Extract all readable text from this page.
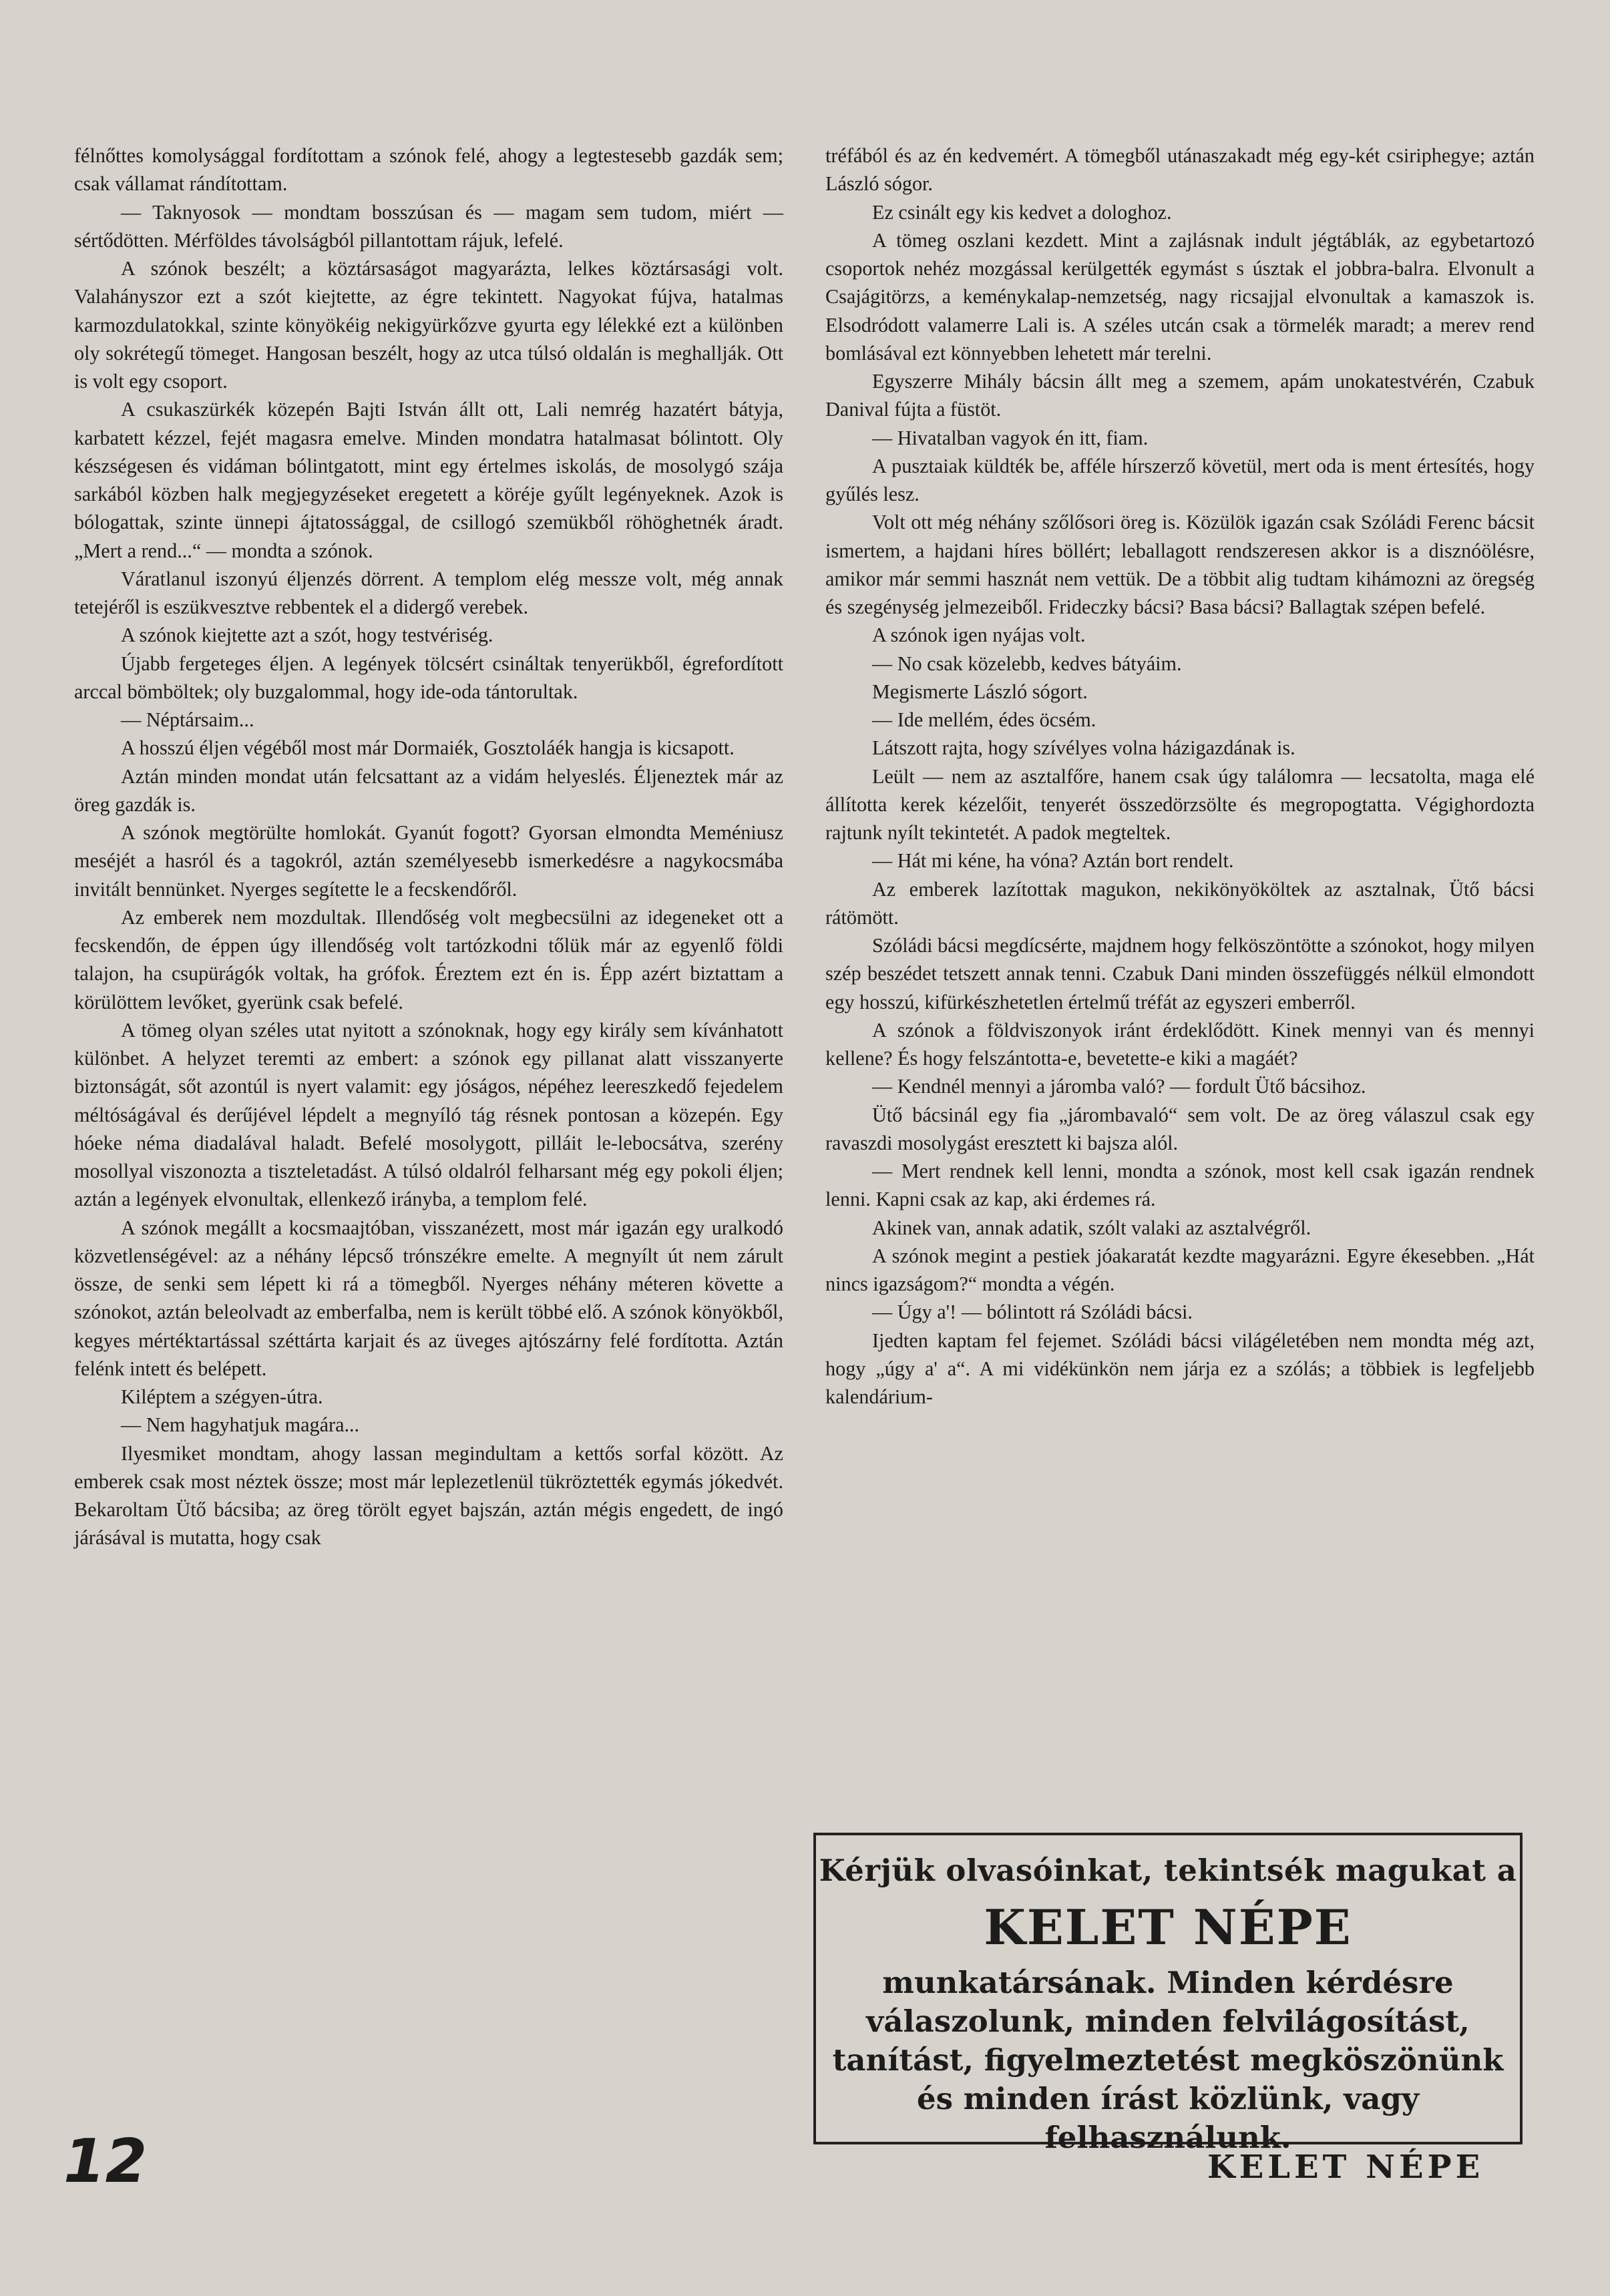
félnőttes komolysággal fordítottam a szónok felé, ahogy a legtestesebb gazdák sem; csak vállamat rándítottam.

— Taknyosok — mondtam bosszúsan és — magam sem tudom, miért — sértődötten. Mérföldes távolságból pillantottam rájuk, lefelé.

A szónok beszélt; a köztársaságot magyarázta, lelkes köztársasági volt. Valahányszor ezt a szót kiejtette, az égre tekintett. Nagyokat fújva, hatalmas karmozdulatokkal, szinte könyökéig nekigyürkőzve gyurta egy lélekké ezt a különben oly sokrétegű tömeget. Hangosan beszélt, hogy az utca túlsó oldalán is meghallják. Ott is volt egy csoport.

A csukaszürkék közepén Bajti István állt ott, Lali nemrég hazatért bátyja, karbatett kézzel, fejét magasra emelve. Minden mondatra hatalmasat bólintott. Oly készségesen és vidáman bólintgatott, mint egy értelmes iskolás, de mosolygó szája sarkából közben halk megjegyzéseket eregetett a köréje gyűlt legényeknek. Azok is bólogattak, szinte ünnepi ájtatossággal, de csillogó szemükből röhöghetnék áradt. „Mert a rend...“ — mondta a szónok.

Váratlanul iszonyú éljenzés dörrent. A templom elég messze volt, még annak tetejéről is eszükvesztve rebbentek el a didergő verebek.

A szónok kiejtette azt a szót, hogy testvériség.

Újabb fergeteges éljen. A legények tölcsért csináltak tenyerükből, égrefordított arccal bömböltek; oly buzgalommal, hogy ide-oda tántorultak.

— Néptársaim...

A hosszú éljen végéből most már Dormaiék, Gosztoláék hangja is kicsapott.

Aztán minden mondat után felcsattant az a vidám helyeslés. Éljeneztek már az öreg gazdák is.

A szónok megtörülte homlokát. Gyanút fogott? Gyorsan elmondta Meméniusz meséjét a hasról és a tagokról, aztán személyesebb ismerkedésre a nagykocsmába invitált bennünket. Nyerges segítette le a fecskendőről.

Az emberek nem mozdultak. Illendőség volt megbecsülni az idegeneket ott a fecskendőn, de éppen úgy illendőség volt tartózkodni tőlük már az egyenlő földi talajon, ha csupürágók voltak, ha grófok. Éreztem ezt én is. Épp azért biztattam a körülöttem levőket, gyerünk csak befelé.

A tömeg olyan széles utat nyitott a szónoknak, hogy egy király sem kívánhatott különbet. A helyzet teremti az embert: a szónok egy pillanat alatt visszanyerte biztonságát, sőt azontúl is nyert valamit: egy jóságos, népéhez leereszkedő fejedelem méltóságával és derűjével lépdelt a megnyíló tág résnek pontosan a közepén. Egy hóeke néma diadalával haladt. Befelé mosolygott, pilláit le-lebocsátva, szerény mosollyal viszonozta a tiszteletadást. A túlsó oldalról felharsant még egy pokoli éljen; aztán a legények elvonultak, ellenkező irányba, a templom felé.

A szónok megállt a kocsmaajtóban, visszanézett, most már igazán egy uralkodó közvetlenségével: az a néhány lépcső trónszékre emelte. A megnyílt út nem zárult össze, de senki sem lépett ki rá a tömegből. Nyerges néhány méteren követte a szónokot, aztán beleolvadt az emberfalba, nem is került többé elő. A szónok könyökből, kegyes mértéktartással széttárta karjait és az üveges ajtószárny felé fordította. Aztán felénk intett és belépett.

Kiléptem a szégyen-útra.

— Nem hagyhatjuk magára...

Ilyesmiket mondtam, ahogy lassan megindultam a kettős sorfal között. Az emberek csak most néztek össze; most már leplezetlenül tükröztették egymás jókedvét. Bekaroltam Ütő bácsiba; az öreg törölt egyet bajszán, aztán mégis engedett, de ingó járásával is mutatta, hogy csak

tréfából és az én kedvemért. A tömegből utánaszakadt még egy-két csiriphegye; aztán László sógor.

Ez csinált egy kis kedvet a dologhoz.

A tömeg oszlani kezdett. Mint a zajlásnak indult jégtáblák, az egybetartozó csoportok nehéz mozgással kerülgették egymást s úsztak el jobbra-balra. Elvonult a Csajágitörzs, a keménykalap-nemzetség, nagy ricsajjal elvonultak a kamaszok is. Elsodródott valamerre Lali is. A széles utcán csak a törmelék maradt; a merev rend bomlásával ezt könnyebben lehetett már terelni.

Egyszerre Mihály bácsin állt meg a szemem, apám unokatestvérén, Czabuk Danival fújta a füstöt.

— Hivatalban vagyok én itt, fiam.

A pusztaiak küldték be, afféle hírszerző követül, mert oda is ment értesítés, hogy gyűlés lesz.

Volt ott még néhány szőlősori öreg is. Közülök igazán csak Szóládi Ferenc bácsit ismertem, a hajdani híres böllért; leballagott rendszeresen akkor is a disznóölésre, amikor már semmi hasznát nem vettük. De a többit alig tudtam kihámozni az öregség és szegénység jelmezeiből. Frideczky bácsi? Basa bácsi? Ballagtak szépen befelé.

A szónok igen nyájas volt.

— No csak közelebb, kedves bátyáim.

Megismerte László sógort.

— Ide mellém, édes öcsém.

Látszott rajta, hogy szívélyes volna házigazdának is.

Leült — nem az asztalfőre, hanem csak úgy találomra — lecsatolta, maga elé állította kerek kézelőit, tenyerét összedörzsölte és megropogtatta. Végighordozta rajtunk nyílt tekintetét. A padok megteltek.

— Hát mi kéne, ha vóna? Aztán bort rendelt.

Az emberek lazítottak magukon, nekikönyököltek az asztalnak, Ütő bácsi rátömött.

Szóládi bácsi megdícsérte, majdnem hogy felköszöntötte a szónokot, hogy milyen szép beszédet tetszett annak tenni. Czabuk Dani minden összefüggés nélkül elmondott egy hosszú, kifürkészhetetlen értelmű tréfát az egyszeri emberről.

A szónok a földviszonyok iránt érdeklődött. Kinek mennyi van és mennyi kellene? És hogy felszántotta-e, bevetette-e kiki a magáét?

— Kendnél mennyi a járomba való? — fordult Ütő bácsihoz.

Ütő bácsinál egy fia „járombavaló“ sem volt. De az öreg válaszul csak egy ravaszdi mosolygást eresztett ki bajsza alól.

— Mert rendnek kell lenni, mondta a szónok, most kell csak igazán rendnek lenni. Kapni csak az kap, aki érdemes rá.

Akinek van, annak adatik, szólt valaki az asztalvégről.

A szónok megint a pestiek jóakaratát kezdte magyarázni. Egyre ékesebben. „Hát nincs igazságom?“ mondta a végén.

— Úgy a'! — bólintott rá Szóládi bácsi.

Ijedten kaptam fel fejemet. Szóládi bácsi világéletében nem mondta még azt, hogy „úgy a' a“. A mi vidékünkön nem járja ez a szólás; a többiek is legfeljebb kalendárium-

Kérjük olvasóinkat, tekintsék magukat a
KELET NÉPE
munkatársának. Minden kérdésre válaszolunk, minden felvilágosítást, tanítást, figyelmeztetést megköszönünk és minden írást közlünk, vagy felhasználunk.
12	KELET NÉPE
